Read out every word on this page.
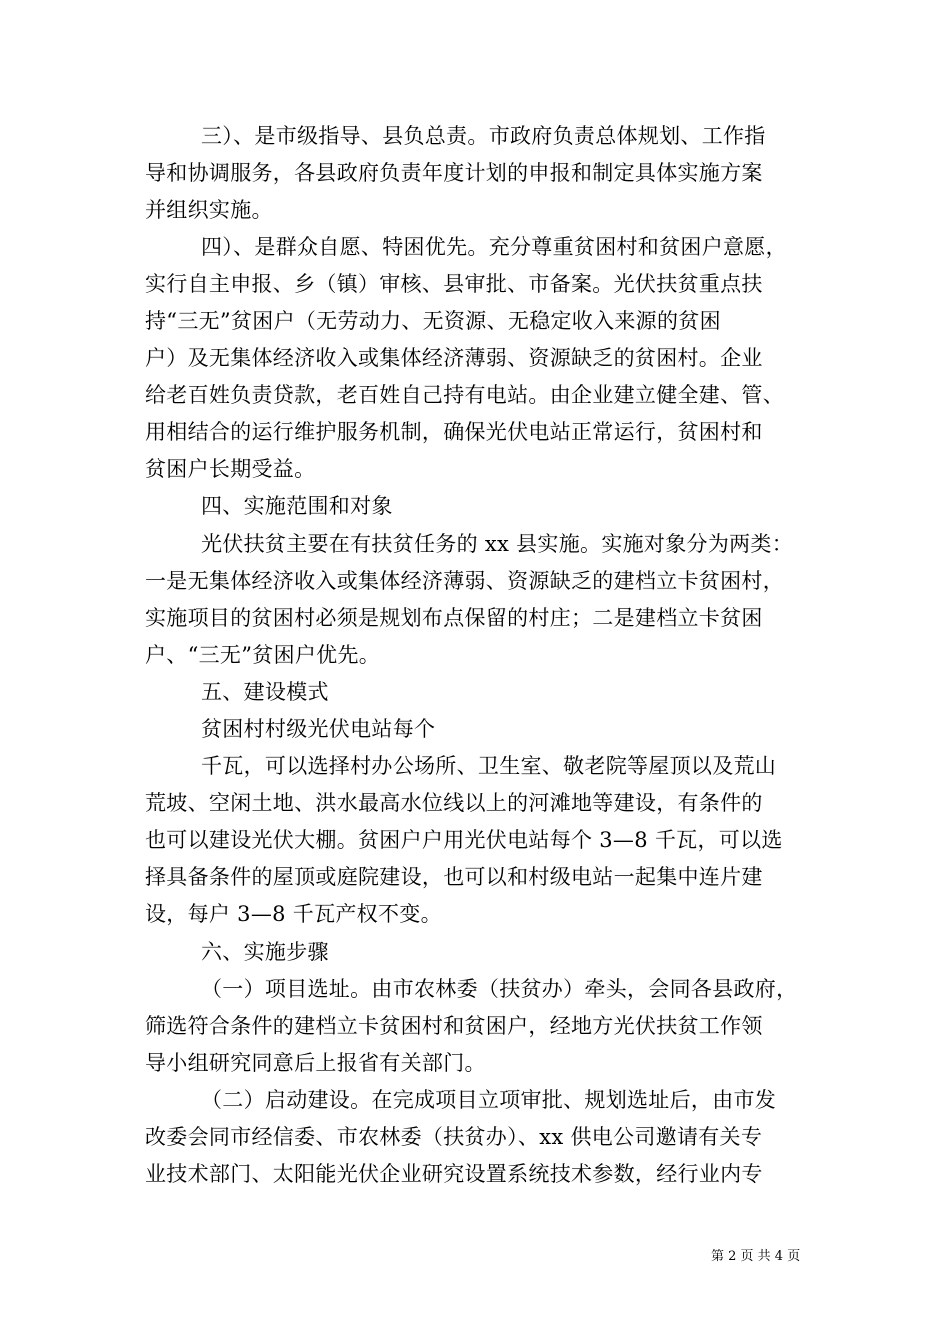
三）、是市级指导、县负总责。市政府负责总体规划、工作指
导和协调服务，各县政府负责年度计划的申报和制定具体实施方案
并组织实施。
四）、是群众自愿、特困优先。充分尊重贫困村和贫困户意愿，
实行自主申报、乡（镇）审核、县审批、市备案。光伏扶贫重点扶
持“三无”贫困户（无劳动力、无资源、无稳定收入来源的贫困
户）及无集体经济收入或集体经济薄弱、资源缺乏的贫困村。企业
给老百姓负责贷款，老百姓自己持有电站。由企业建立健全建、管、
用相结合的运行维护服务机制，确保光伏电站正常运行，贫困村和
贫困户长期受益。
四、实施范围和对象
光伏扶贫主要在有扶贫任务的 xx 县实施。实施对象分为两类：
一是无集体经济收入或集体经济薄弱、资源缺乏的建档立卡贫困村，
实施项目的贫困村必须是规划布点保留的村庄；二是建档立卡贫困
户、“三无”贫困户优先。
五、建设模式
贫困村村级光伏电站每个
千瓦，可以选择村办公场所、卫生室、敬老院等屋顶以及荒山
荒坡、空闲土地、洪水最高水位线以上的河滩地等建设，有条件的
也可以建设光伏大棚。贫困户户用光伏电站每个 3—8 千瓦，可以选
择具备条件的屋顶或庭院建设，也可以和村级电站一起集中连片建
设，每户 3—8 千瓦产权不变。
六、实施步骤
（一）项目选址。由市农林委（扶贫办）牵头，会同各县政府，
筛选符合条件的建档立卡贫困村和贫困户，经地方光伏扶贫工作领
导小组研究同意后上报省有关部门。
（二）启动建设。在完成项目立项审批、规划选址后，由市发
改委会同市经信委、市农林委（扶贫办）、xx 供电公司邀请有关专
业技术部门、太阳能光伏企业研究设置系统技术参数，经行业内专
第 2 页 共 4 页
